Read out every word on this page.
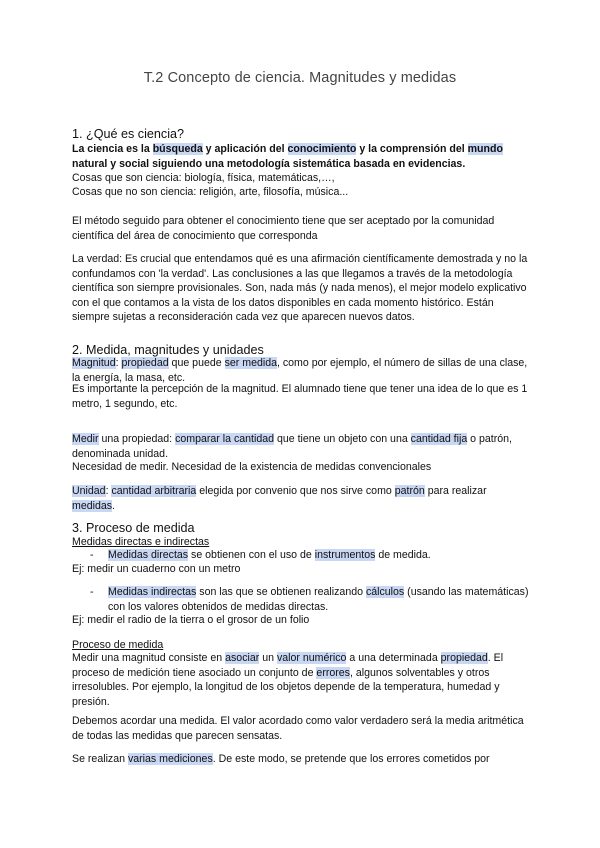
T.2 Concepto de ciencia. Magnitudes y medidas
1. ¿Qué es ciencia?
La ciencia es la búsqueda y aplicación del conocimiento y la comprensión del mundo natural y social siguiendo una metodología sistemática basada en evidencias.
Cosas que son ciencia: biología, física, matemáticas,…,
Cosas que no son ciencia: religión, arte, filosofía, música...
El método seguido para obtener el conocimiento tiene que ser aceptado por la comunidad científica del área de conocimiento que corresponda
La verdad: Es crucial que entendamos qué es una afirmación científicamente demostrada y no la confundamos con 'la verdad'. Las conclusiones a las que llegamos a través de la metodología científica son siempre provisionales. Son, nada más (y nada menos), el mejor modelo explicativo con el que contamos a la vista de los datos disponibles en cada momento histórico. Están siempre sujetas a reconsideración cada vez que aparecen nuevos datos.
2. Medida, magnitudes y unidades
Magnitud: propiedad que puede ser medida, como por ejemplo, el número de sillas de una clase, la energía, la masa, etc.
Es importante la percepción de la magnitud. El alumnado tiene que tener una idea de lo que es 1 metro, 1 segundo, etc.
Medir una propiedad: comparar la cantidad que tiene un objeto con una cantidad fija o patrón, denominada unidad.
Necesidad de medir. Necesidad de la existencia de medidas convencionales
Unidad: cantidad arbitraria elegida por convenio que nos sirve como patrón para realizar medidas.
3. Proceso de medida
Medidas directas e indirectas
-	Medidas directas se obtienen con el uso de instrumentos de medida.
Ej: medir un cuaderno con un metro
-	Medidas indirectas son las que se obtienen realizando cálculos (usando las matemáticas) con los valores obtenidos de medidas directas.
Ej: medir el radio de la tierra o el grosor de un folio
Proceso de medida
Medir una magnitud consiste en asociar un valor numérico a una determinada propiedad. El proceso de medición tiene asociado un conjunto de errores, algunos solventables y otros irresolubles. Por ejemplo, la longitud de los objetos depende de la temperatura, humedad y presión.
Debemos acordar una medida. El valor acordado como valor verdadero será la media aritmética de todas las medidas que parecen sensatas.
Se realizan varias mediciones. De este modo, se pretende que los errores cometidos por
